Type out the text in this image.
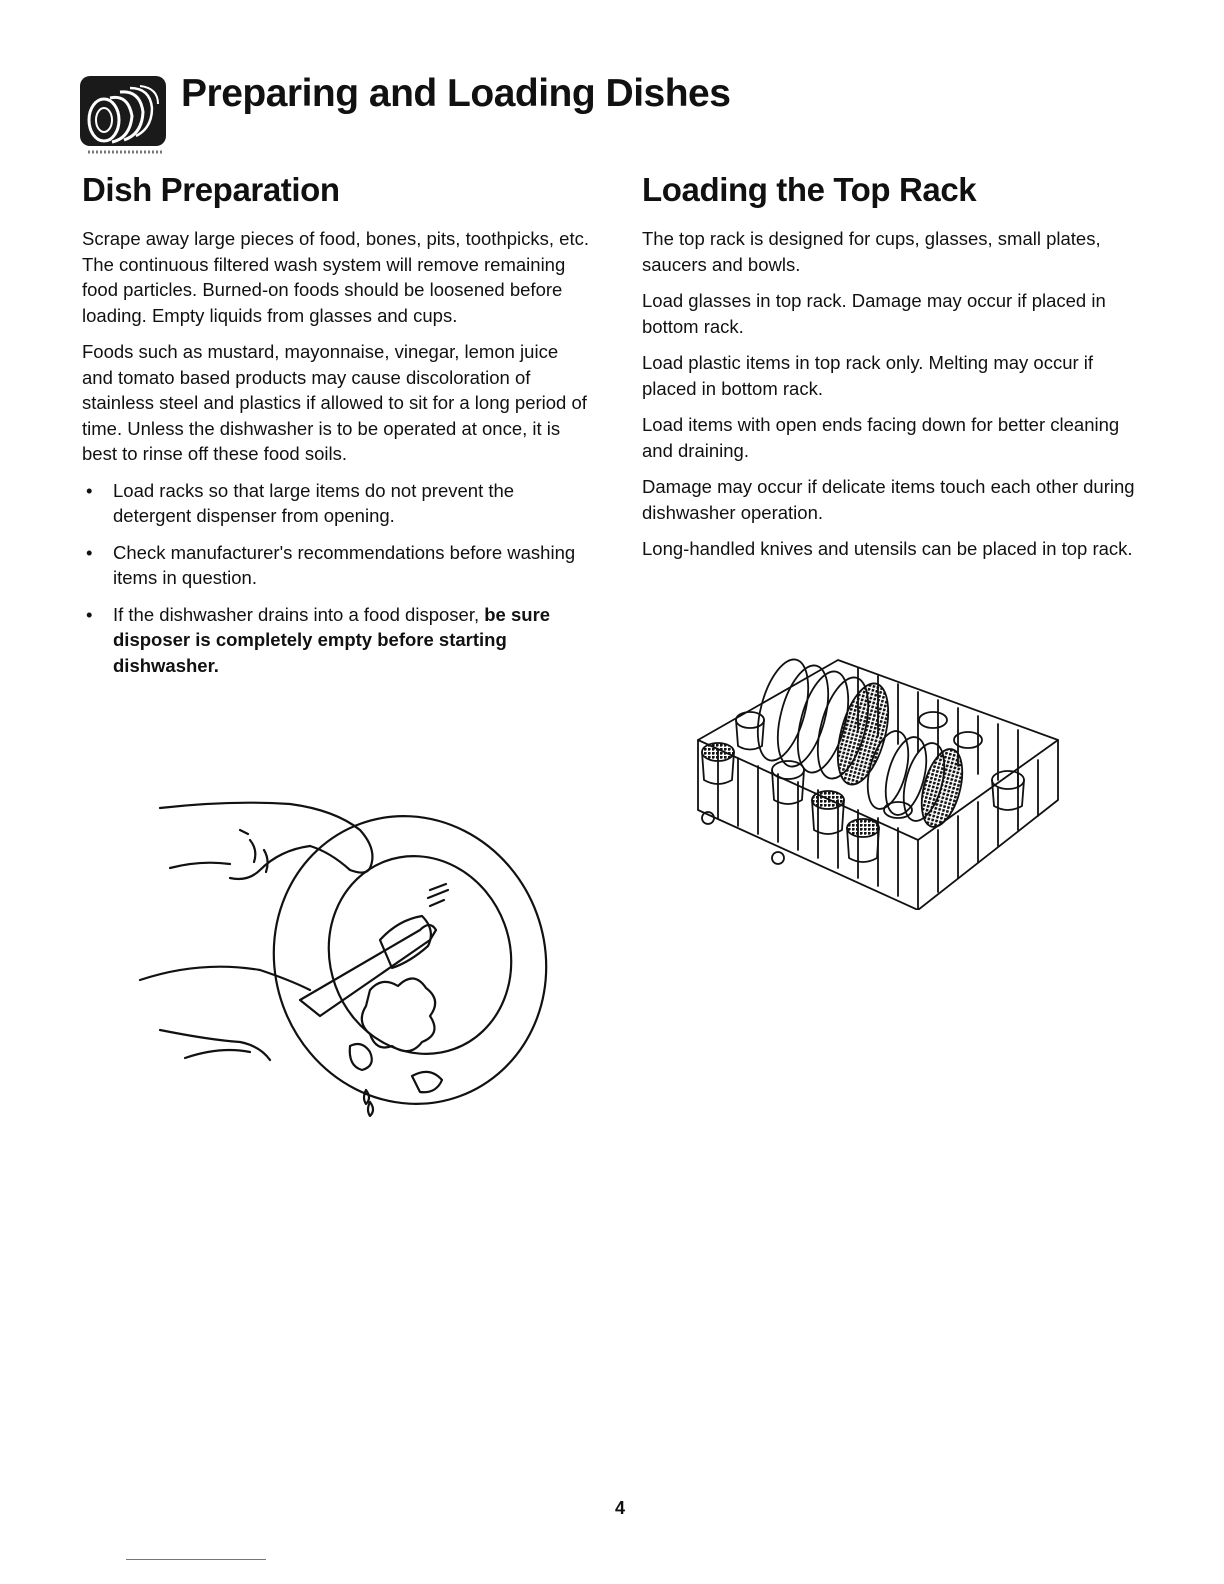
Preparing and Loading Dishes
Dish Preparation

Scrape away large pieces of food, bones, pits, toothpicks, etc. The continuous filtered wash system will remove remaining food particles. Burned-on foods should be loosened before loading. Empty liquids from glasses and cups.

Foods such as mustard, mayonnaise, vinegar, lemon juice and tomato based products may cause discoloration of stainless steel and plastics if allowed to sit for a long period of time. Unless the dishwasher is to be operated at once, it is best to rinse off these food soils.

• Load racks so that large items do not prevent the detergent dispenser from opening.
• Check manufacturer's recommendations before washing items in question.
• If the dishwasher drains into a food disposer, be sure disposer is completely empty before starting dishwasher.
Loading the Top Rack

The top rack is designed for cups, glasses, small plates, saucers and bowls.

Load glasses in top rack. Damage may occur if placed in bottom rack.

Load plastic items in top rack only. Melting may occur if placed in bottom rack.

Load items with open ends facing down for better cleaning and draining.

Damage may occur if delicate items touch each other during dishwasher operation.

Long-handled knives and utensils can be placed in top rack.

4
